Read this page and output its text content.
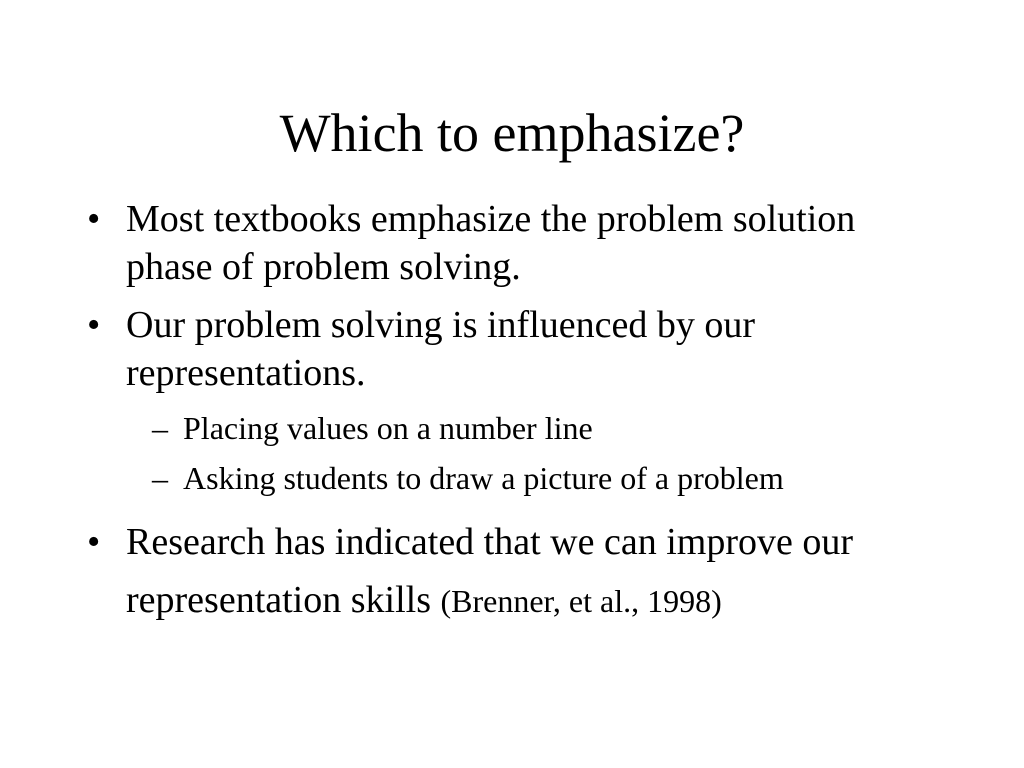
Which to emphasize?
• Most textbooks emphasize the problem solution phase of problem solving.
• Our problem solving is influenced by our representations.
– Placing values on a number line
– Asking students to draw a picture of a problem
• Research has indicated that we can improve our representation skills (Brenner, et al., 1998)
